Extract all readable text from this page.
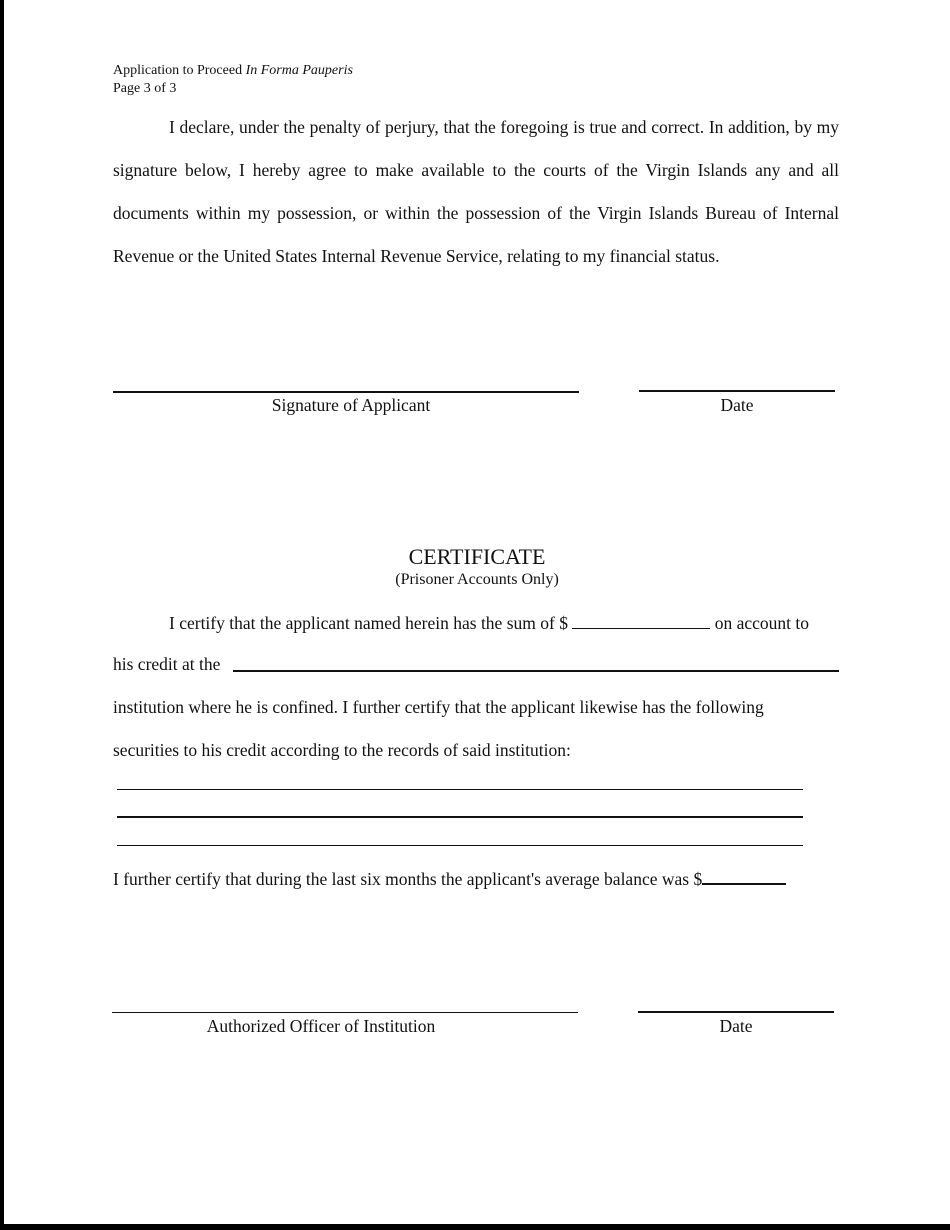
Application to Proceed In Forma Pauperis
Page 3 of 3

I declare, under the penalty of perjury, that the foregoing is true and correct. In addition, by my signature below, I hereby agree to make available to the courts of the Virgin Islands any and all documents within my possession, or within the possession of the Virgin Islands Bureau of Internal Revenue or the United States Internal Revenue Service, relating to my financial status.

Signature of Applicant	Date
CERTIFICATE
(Prisoner Accounts Only)
I certify that the applicant named herein has the sum of $	on account to
his credit at the
institution where he is confined. I further certify that the applicant likewise has the following
securities to his credit according to the records of said institution:
I further certify that during the last six months the applicant's average balance was $
Authorized Officer of Institution	Date
